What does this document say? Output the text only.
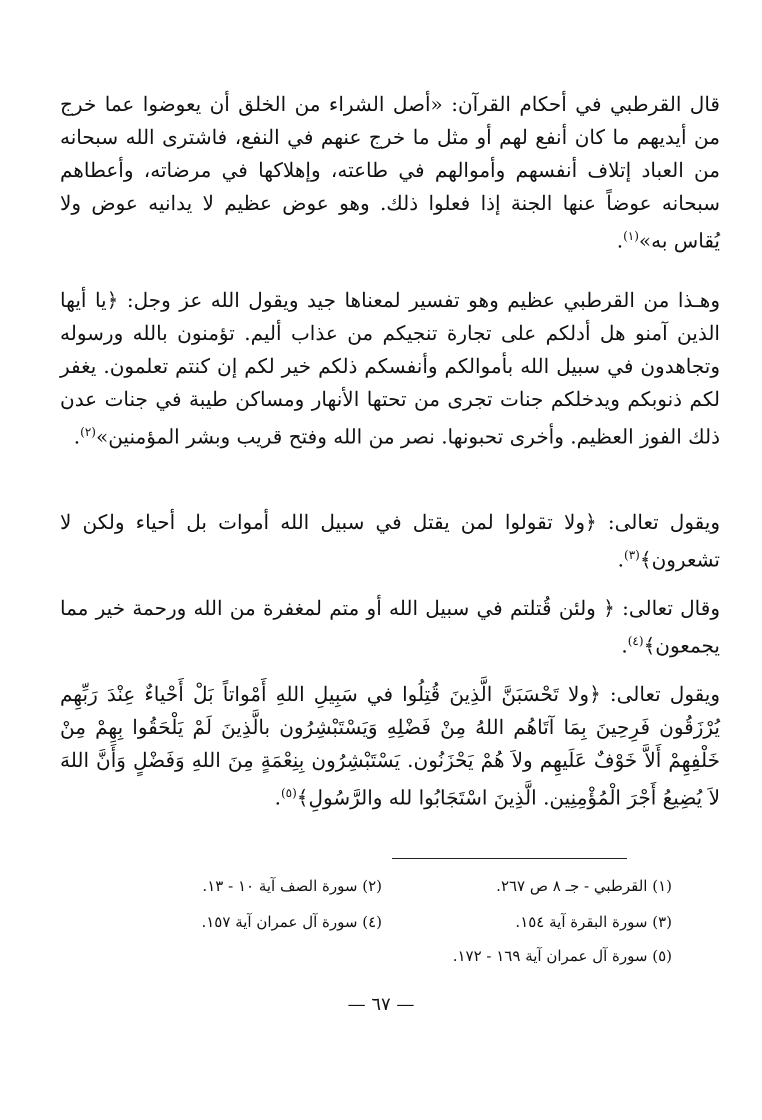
قال القرطبي في أحكام القرآن: «أصل الشراء من الخلق أن يعوضوا عما خرج من أيديهم ما كان أنفع لهم أو مثل ما خرج عنهم في النفع، فاشترى الله سبحانه من العباد إتلاف أنفسهم وأموالهم في طاعته، وإهلاكها في مرضاته، وأعطاهم سبحانه عوضاً عنها الجنة إذا فعلوا ذلك. وهو عوض عظيم لا يدانيه عوض ولا يُقاس به»$^{(١)}$.

وهـذا من القرطبي عظيم وهو تفسير لمعناها جيد ويقول الله عز وجل: ﴿يا أيها الذين آمنو هل أدلكم على تجارة تنجيكم من عذاب أليم. تؤمنون بالله ورسوله وتجاهدون في سبيل الله بأموالكم وأنفسكم ذلكم خير لكم إن كنتم تعلمون. يغفر لكم ذنوبكم ويدخلكم جنات تجرى من تحتها الأنهار ومساكن طيبة في جنات عدن ذلك الفوز العظيم. وأخرى تحبونها. نصر من الله وفتح قريب وبشر المؤمنين»$^{(٢)}$.

ويقول تعالى: ﴿ولا تقولوا لمن يقتل في سبيل الله أموات بل أحياء ولكن لا تشعرون﴾$^{(٣)}$.

وقال تعالى: ﴿ ولئن قُتلتم في سبيل الله أو متم لمغفرة من الله ورحمة خير مما يجمعون﴾$^{(٤)}$.

ويقول تعالى: ﴿ولا تَحْسَبَنَّ الَّذِينَ قُتِلُوا في سَبِيلِ اللهِ أَمْواتاً بَلْ أَحْياءٌ عِنْدَ رَبِّهِم يُرْزَقُون فَرِحِينَ بِمَا آتَاهُم اللهُ مِنْ فَضْلِهِ وَيَسْتَبْشِرُون بالَّذِينَ لَمْ يَلْحَقُوا بِهِمْ مِنْ خَلْفِهِمْ أَلاَّ خَوْفٌ عَلَيهِم ولاَ هُمْ يَحْزَنُون. يَسْتَبْشِرُون بِنِعْمَةٍ مِنَ اللهِ وَفَضْلٍ وَأَنَّ اللهَ لاَ يُضِيعُ أَجْرَ الْمُؤْمِنِين. الَّذِينَ اسْتَجَابُوا لله والرَّسُولِ﴾$^{(٥)}$.

(١) القرطبي - جـ ٨ ص ٢٦٧.
(٢) سورة الصف آية ١٠ - ١٣.
(٣) سورة البقرة آية ١٥٤.
(٤) سورة آل عمران آية ١٥٧.
(٥) سورة آل عمران آية ١٦٩ - ١٧٢.
— ٦٧ —
